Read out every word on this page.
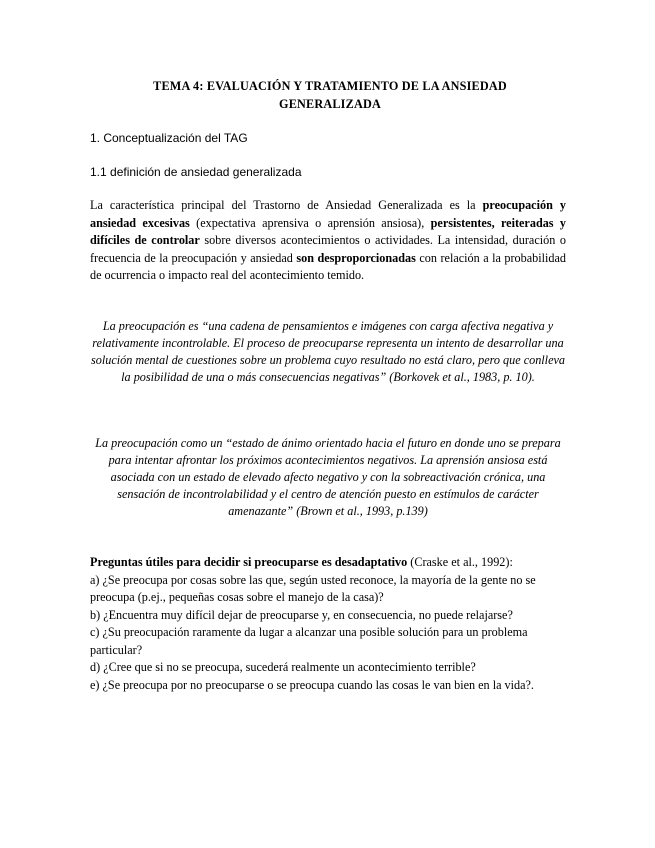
TEMA 4: EVALUACIÓN Y TRATAMIENTO DE LA ANSIEDAD
GENERALIZADA
1. Conceptualización del TAG
1.1 definición de ansiedad generalizada
La característica principal del Trastorno de Ansiedad Generalizada es la preocupación y ansiedad excesivas (expectativa aprensiva o aprensión ansiosa), persistentes, reiteradas y difíciles de controlar sobre diversos acontecimientos o actividades. La intensidad, duración o frecuencia de la preocupación y ansiedad son desproporcionadas con relación a la probabilidad de ocurrencia o impacto real del acontecimiento temido.
La preocupación es “una cadena de pensamientos e imágenes con carga afectiva negativa y relativamente incontrolable. El proceso de preocuparse representa un intento de desarrollar una solución mental de cuestiones sobre un problema cuyo resultado no está claro, pero que conlleva la posibilidad de una o más consecuencias negativas” (Borkovek et al., 1983, p. 10).
La preocupación como un “estado de ánimo orientado hacia el futuro en donde uno se prepara para intentar afrontar los próximos acontecimientos negativos. La aprensión ansiosa está asociada con un estado de elevado afecto negativo y con la sobreactivación crónica, una sensación de incontrolabilidad y el centro de atención puesto en estímulos de carácter amenazante” (Brown et al., 1993, p.139)
Preguntas útiles para decidir si preocuparse es desadaptativo (Craske et al., 1992):
a) ¿Se preocupa por cosas sobre las que, según usted reconoce, la mayoría de la gente no se preocupa (p.ej., pequeñas cosas sobre el manejo de la casa)?
b) ¿Encuentra muy difícil dejar de preocuparse y, en consecuencia, no puede relajarse?
c) ¿Su preocupación raramente da lugar a alcanzar una posible solución para un problema particular?
d) ¿Cree que si no se preocupa, sucederá realmente un acontecimiento terrible?
e) ¿Se preocupa por no preocuparse o se preocupa cuando las cosas le van bien en la vida?.
